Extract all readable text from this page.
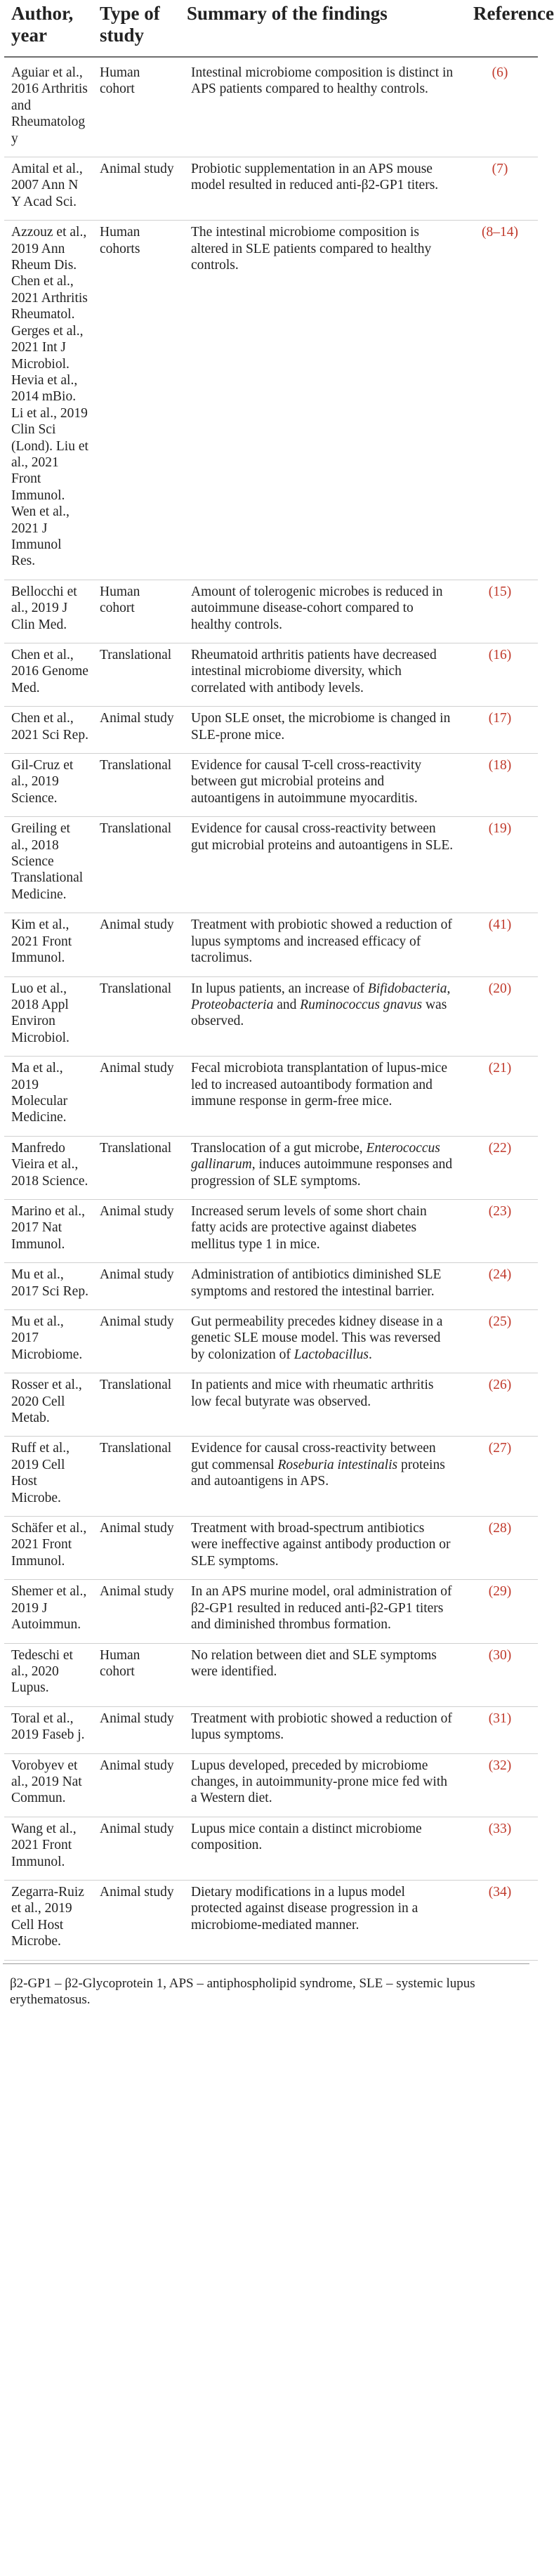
Author, year	Type of study	Summary of the findings	Reference
Aguiar et al., 2016 Arthritis and Rheumatology	Human cohort	Intestinal microbiome composition is distinct in APS patients compared to healthy controls.	(6)
Amital et al., 2007 Ann N Y Acad Sci.	Animal study	Probiotic supplementation in an APS mouse model resulted in reduced anti-β2-GP1 titers.	(7)
Azzouz et al., 2019 Ann Rheum Dis. Chen et al., 2021 Arthritis Rheumatol. Gerges et al., 2021 Int J Microbiol. Hevia et al., 2014 mBio. Li et al., 2019 Clin Sci (Lond). Liu et al., 2021 Front Immunol. Wen et al., 2021 J Immunol Res.	Human cohorts	The intestinal microbiome composition is altered in SLE patients compared to healthy controls.	(8–14)
Bellocchi et al., 2019 J Clin Med.	Human cohort	Amount of tolerogenic microbes is reduced in autoimmune disease-cohort compared to healthy controls.	(15)
Chen et al., 2016 Genome Med.	Translational	Rheumatoid arthritis patients have decreased intestinal microbiome diversity, which correlated with antibody levels.	(16)
Chen et al., 2021 Sci Rep.	Animal study	Upon SLE onset, the microbiome is changed in SLE-prone mice.	(17)
Gil-Cruz et al., 2019 Science.	Translational	Evidence for causal T-cell cross-reactivity between gut microbial proteins and autoantigens in autoimmune myocarditis.	(18)
Greiling et al., 2018 Science Translational Medicine.	Translational	Evidence for causal cross-reactivity between gut microbial proteins and autoantigens in SLE.	(19)
Kim et al., 2021 Front Immunol.	Animal study	Treatment with probiotic showed a reduction of lupus symptoms and increased efficacy of tacrolimus.	(41)
Luo et al., 2018 Appl Environ Microbiol.	Translational	In lupus patients, an increase of Bifidobacteria, Proteobacteria and Ruminococcus gnavus was observed.	(20)
Ma et al., 2019 Molecular Medicine.	Animal study	Fecal microbiota transplantation of lupus-mice led to increased autoantibody formation and immune response in germ-free mice.	(21)
Manfredo Vieira et al., 2018 Science.	Translational	Translocation of a gut microbe, Enterococcus gallinarum, induces autoimmune responses and progression of SLE symptoms.	(22)
Marino et al., 2017 Nat Immunol.	Animal study	Increased serum levels of some short chain fatty acids are protective against diabetes mellitus type 1 in mice.	(23)
Mu et al., 2017 Sci Rep.	Animal study	Administration of antibiotics diminished SLE symptoms and restored the intestinal barrier.	(24)
Mu et al., 2017 Microbiome.	Animal study	Gut permeability precedes kidney disease in a genetic SLE mouse model. This was reversed by colonization of Lactobacillus.	(25)
Rosser et al., 2020 Cell Metab.	Translational	In patients and mice with rheumatic arthritis low fecal butyrate was observed.	(26)
Ruff et al., 2019 Cell Host Microbe.	Translational	Evidence for causal cross-reactivity between gut commensal Roseburia intestinalis proteins and autoantigens in APS.	(27)
Schäfer et al., 2021 Front Immunol.	Animal study	Treatment with broad-spectrum antibiotics were ineffective against antibody production or SLE symptoms.	(28)
Shemer et al., 2019 J Autoimmun.	Animal study	In an APS murine model, oral administration of β2-GP1 resulted in reduced anti-β2-GP1 titers and diminished thrombus formation.	(29)
Tedeschi et al., 2020 Lupus.	Human cohort	No relation between diet and SLE symptoms were identified.	(30)
Toral et al., 2019 Faseb j.	Animal study	Treatment with probiotic showed a reduction of lupus symptoms.	(31)
Vorobyev et al., 2019 Nat Commun.	Animal study	Lupus developed, preceded by microbiome changes, in autoimmunity-prone mice fed with a Western diet.	(32)
Wang et al., 2021 Front Immunol.	Animal study	Lupus mice contain a distinct microbiome composition.	(33)
Zegarra-Ruiz et al., 2019 Cell Host Microbe.	Animal study	Dietary modifications in a lupus model protected against disease progression in a microbiome-mediated manner.	(34)
β2-GP1 – β2-Glycoprotein 1, APS – antiphospholipid syndrome, SLE – systemic lupus erythematosus.
